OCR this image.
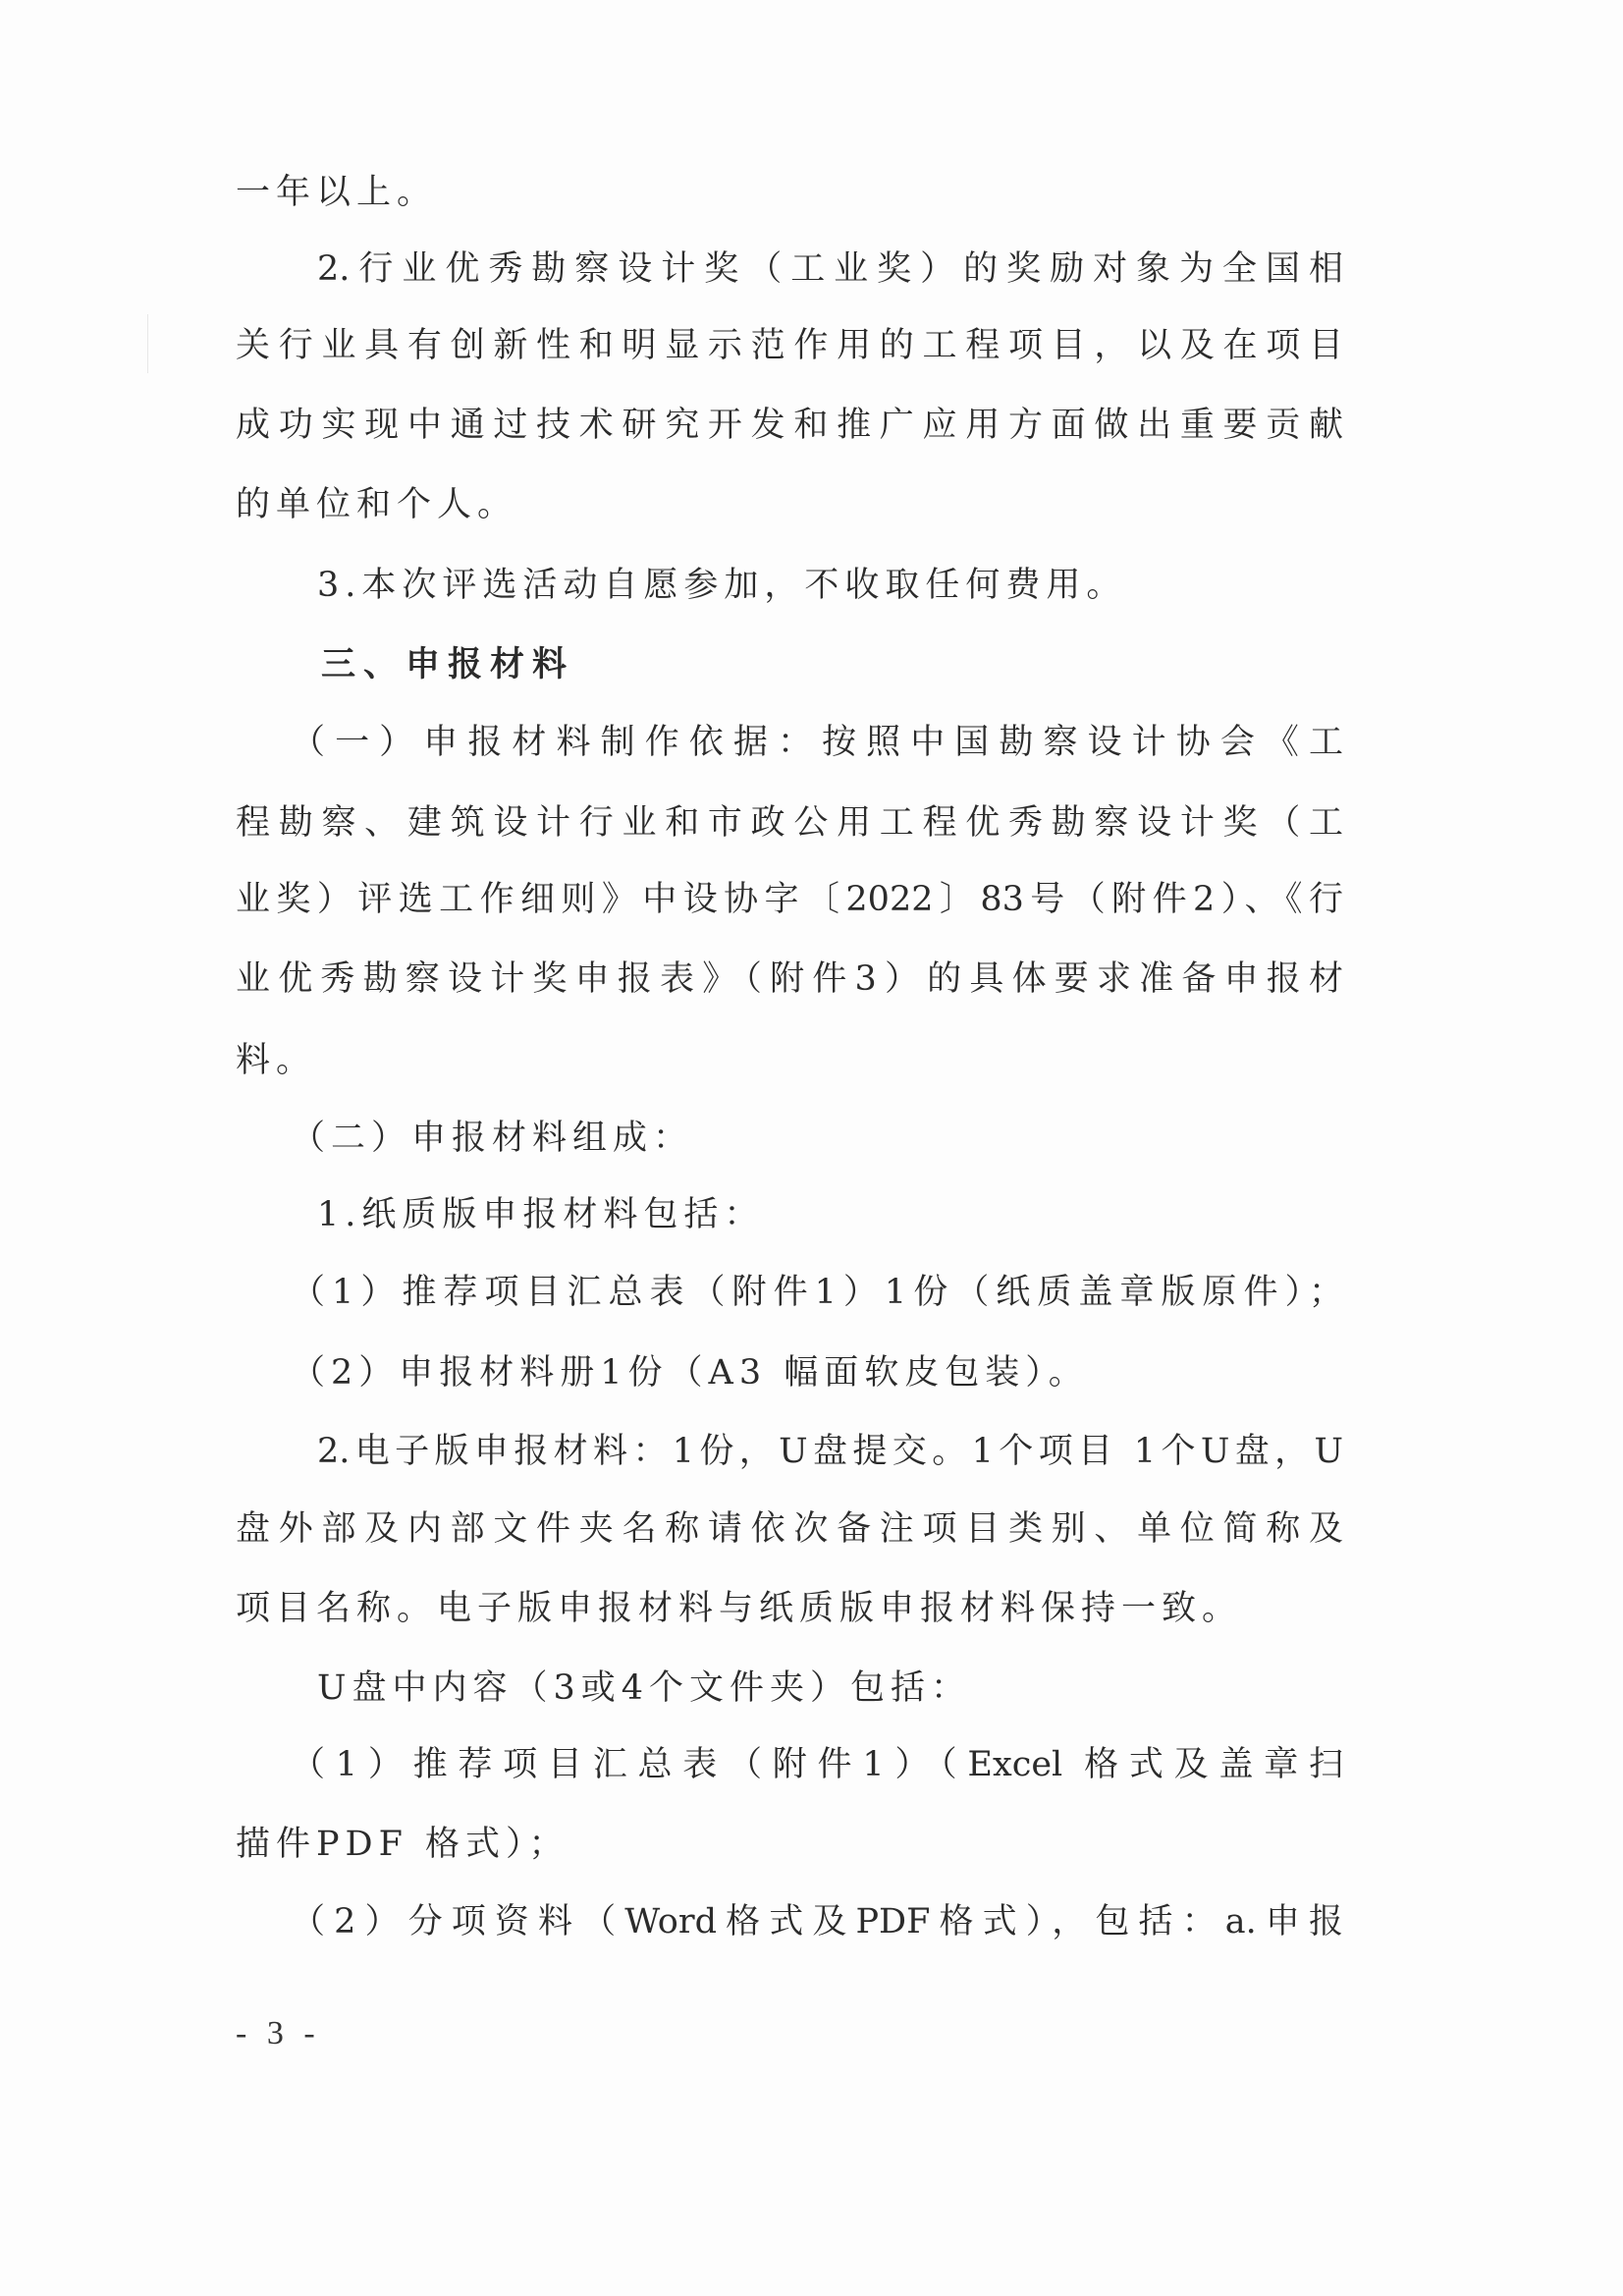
一年以上。
2.行业优秀勘察设计奖（工业奖）的奖励对象为全国相
关行业具有创新性和明显示范作用的工程项目，以及在项目
成功实现中通过技术研究开发和推广应用方面做出重要贡献
的单位和个人。
3.本次评选活动自愿参加，不收取任何费用。
三、申报材料
（一）申报材料制作依据：按照中国勘察设计协会《工
程勘察、建筑设计行业和市政公用工程优秀勘察设计奖（工
业奖）评选工作细则》中设协字〔2022〕83号（附件2）、《行
业优秀勘察设计奖申报表》（附件3）的具体要求准备申报材
料。
（二）申报材料组成：
1.纸质版申报材料包括：
（1）推荐项目汇总表（附件1）1份（纸质盖章版原件）；
（2）申报材料册1份（A3 幅面软皮包装）。
2.电子版申报材料：1份，U盘提交。1个项目 1个U盘，U
盘外部及内部文件夹名称请依次备注项目类别、单位简称及
项目名称。电子版申报材料与纸质版申报材料保持一致。
U盘中内容（3或4个文件夹）包括：
（1）推荐项目汇总表（附件1）（Excel 格式及盖章扫
描件PDF 格式）；
（2）分项资料（Word格式及PDF格式），包括：a.申报
- 3 -
